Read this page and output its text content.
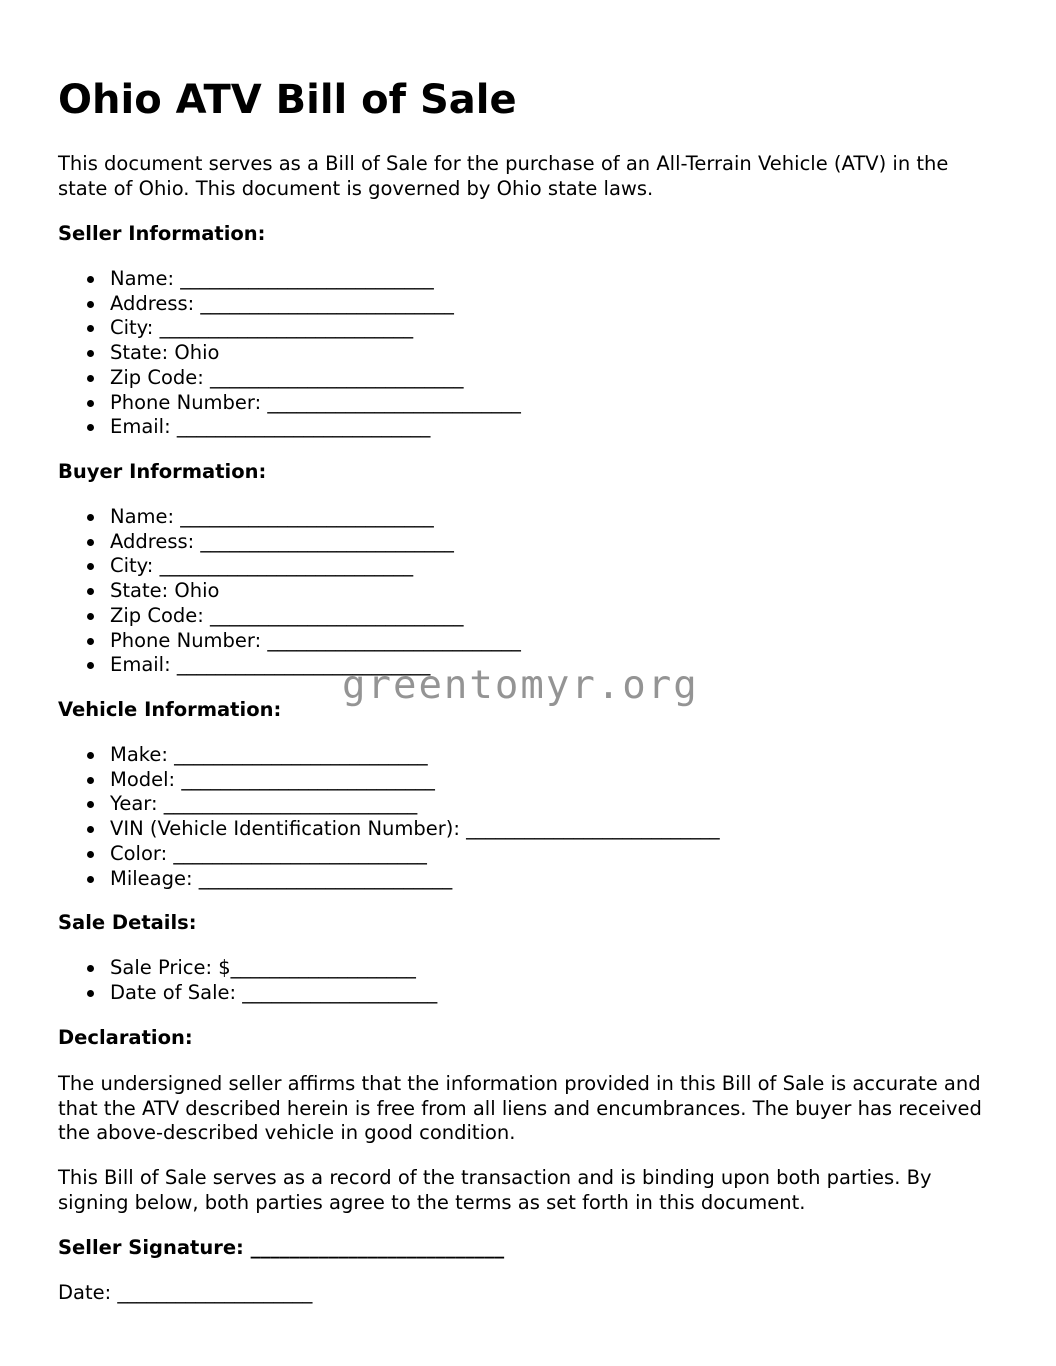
Ohio ATV Bill of Sale

This document serves as a Bill of Sale for the purchase of an All-Terrain Vehicle (ATV) in the state of Ohio. This document is governed by Ohio state laws.

Seller Information:

Name: __________________________
Address: __________________________
City: __________________________
State: Ohio
Zip Code: __________________________
Phone Number: __________________________
Email: __________________________

Buyer Information:

Name: __________________________
Address: __________________________
City: __________________________
State: Ohio
Zip Code: __________________________
Phone Number: __________________________
Email: __________________________

Vehicle Information:

Make: __________________________
Model: __________________________
Year: __________________________
VIN (Vehicle Identification Number): __________________________
Color: __________________________
Mileage: __________________________

Sale Details:

Sale Price: $___________________
Date of Sale: ____________________

Declaration:

The undersigned seller affirms that the information provided in this Bill of Sale is accurate and that the ATV described herein is free from all liens and encumbrances. The buyer has received the above-described vehicle in good condition.

This Bill of Sale serves as a record of the transaction and is binding upon both parties. By signing below, both parties agree to the terms as set forth in this document.

Seller Signature: __________________________

Date: ____________________

greentomyr.org
